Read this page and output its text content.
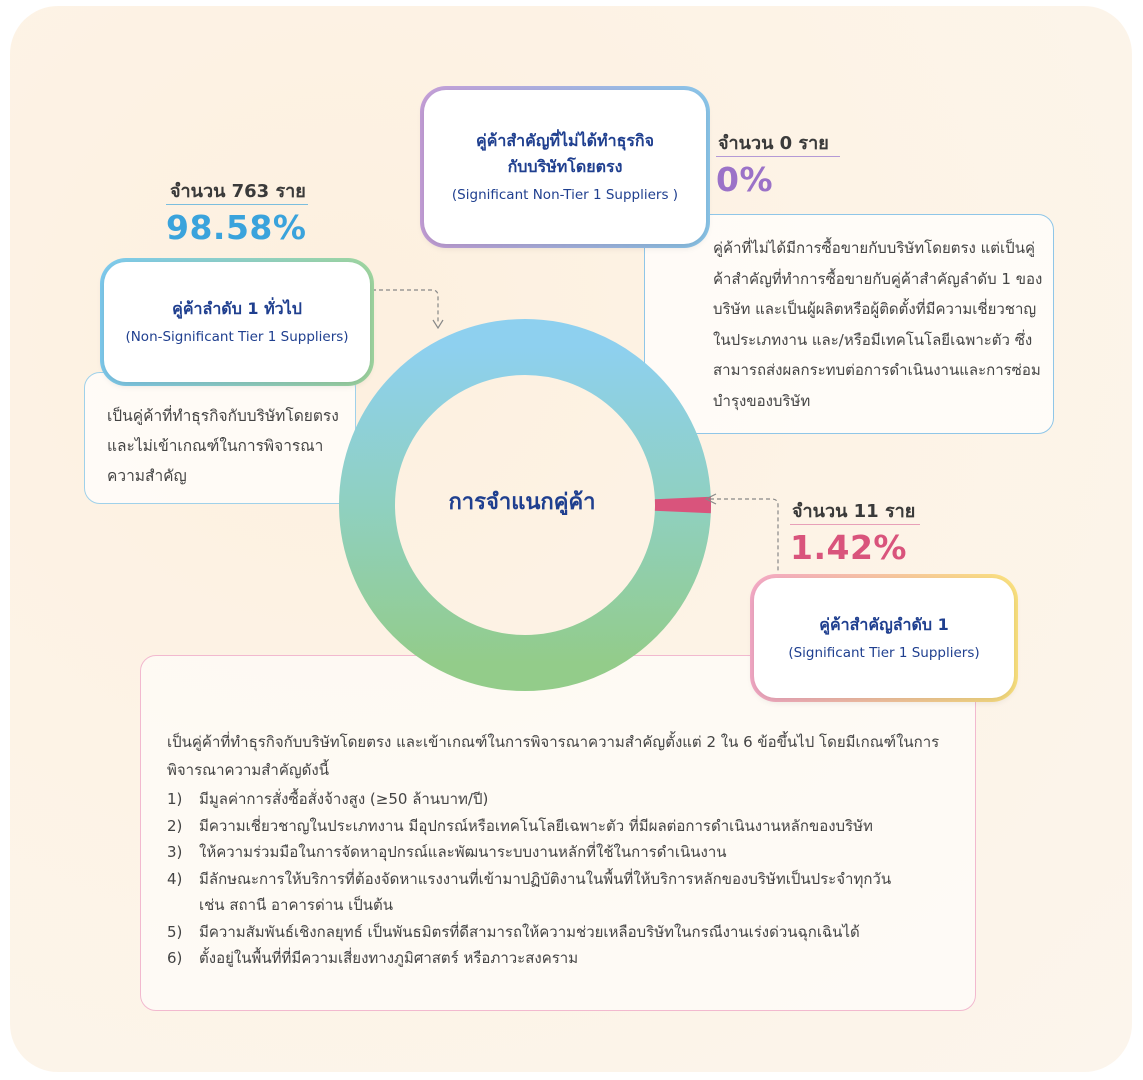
เป็นคู่ค้าที่ทำธุรกิจกับบริษัทโดยตรง และเข้าเกณฑ์ในการพิจารณาความสำคัญตั้งแต่ 2 ใน 6 ข้อขึ้นไป โดยมีเกณฑ์ในการพิจารณาความสำคัญดังนี้
1)	มีมูลค่าการสั่งซื้อสั่งจ้างสูง (≥50 ล้านบาท/ปี)
2)	มีความเชี่ยวชาญในประเภทงาน มีอุปกรณ์หรือเทคโนโลยีเฉพาะตัว ที่มีผลต่อการดำเนินงานหลักของบริษัท
3)	ให้ความร่วมมือในการจัดหาอุปกรณ์และพัฒนาระบบงานหลักที่ใช้ในการดำเนินงาน
4)	มีลักษณะการให้บริการที่ต้องจัดหาแรงงานที่เข้ามาปฏิบัติงานในพื้นที่ให้บริการหลักของบริษัทเป็นประจำทุกวัน เช่น สถานี อาคารด่าน เป็นต้น
5)	มีความสัมพันธ์เชิงกลยุทธ์ เป็นพันธมิตรที่ดีสามารถให้ความช่วยเหลือบริษัทในกรณีงานเร่งด่วนฉุกเฉินได้
6)	ตั้งอยู่ในพื้นที่ที่มีความเสี่ยงทางภูมิศาสตร์ หรือภาวะสงคราม
เป็นคู่ค้าที่ทำธุรกิจกับบริษัทโดยตรง และไม่เข้าเกณฑ์ในการพิจารณาความสำคัญ
คู่ค้าที่ไม่ได้มีการซื้อขายกับบริษัทโดยตรง แต่เป็นคู่ค้าสำคัญที่ทำการซื้อขายกับคู่ค้าสำคัญลำดับ 1 ของบริษัท และเป็นผู้ผลิตหรือผู้ติดตั้งที่มีความเชี่ยวชาญในประเภทงาน และ/หรือมีเทคโนโลยีเฉพาะตัว ซึ่งสามารถส่งผลกระทบต่อการดำเนินงานและการซ่อมบำรุงของบริษัท
การจำแนกคู่ค้า
จำนวน 763 ราย
98.58%
คู่ค้าลำดับ 1 ทั่วไป
(Non-Significant Tier 1 Suppliers)
คู่ค้าสำคัญที่ไม่ได้ทำธุรกิจ
กับบริษัทโดยตรง
(Significant Non-Tier 1 Suppliers )
จำนวน 0 ราย
0%
จำนวน 11 ราย
1.42%
คู่ค้าสำคัญลำดับ 1
(Significant Tier 1 Suppliers)
